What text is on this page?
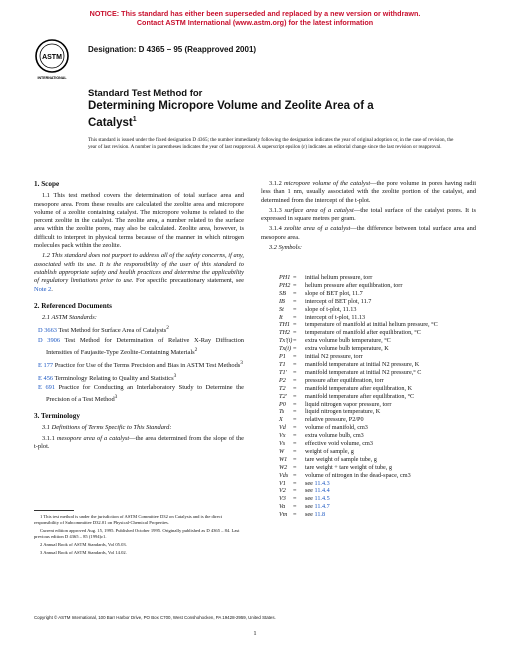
NOTICE: This standard has either been superseded and replaced by a new version or withdrawn.
Contact ASTM International (www.astm.org) for the latest information
ASTM
INTERNATIONAL
Designation: D 4365 – 95 (Reapproved 2001)
Standard Test Method for
Determining Micropore Volume and Zeolite Area of a
Catalyst$^1$
This standard is issued under the fixed designation D 4365; the number immediately following the designation indicates the year of original adoption or, in the case of revision, the year of last revision. A number in parentheses indicates the year of last reapproval. A superscript epsilon (ε) indicates an editorial change since the last revision or reapproval.
1. Scope

1.1 This test method covers the determination of total surface area and mesopore area. From these results are calculated the zeolite area and micropore volume of a zeolite containing catalyst. The micropore volume is related to the percent zeolite in the catalyst. The zeolite area, a number related to the surface area within the zeolite pores, may also be calculated. Zeolite area, however, is difficult to interpret in physical terms because of the manner in which nitrogen molecules pack within the zeolite.

1.2 This standard does not purport to address all of the safety concerns, if any, associated with its use. It is the responsibility of the user of this standard to establish appropriate safety and health practices and determine the applicability of regulatory limitations prior to use. For specific precautionary statement, see Note 2.

2. Referenced Documents

2.1 ASTM Standards:

D 3663 Test Method for Surface Area of Catalysts$^2$
D 3906 Test Method for Determination of Relative X-Ray Diffraction Intensities of Faujasite-Type Zeolite-Containing Materials$^2$
E 177 Practice for Use of the Terms Precision and Bias in ASTM Test Methods$^3$
E 456 Terminology Relating to Quality and Statistics$^3$
E 691 Practice for Conducting an Interlaboratory Study to Determine the Precision of a Test Method$^3$
3. Terminology

3.1 Definitions of Terms Specific to This Standard:

3.1.1 mesopore area of a catalyst—the area determined from the slope of the t-plot.

3.1.2 micropore volume of the catalyst—the pore volume in pores having radii less than 1 nm, usually associated with the zeolite portion of the catalyst, and determined from the intercept of the t-plot.

3.1.3 surface area of a catalyst—the total surface of the catalyst pores. It is expressed in square metres per gram.

3.1.4 zeolite area of a catalyst—the difference between total surface area and mesopore area.

3.2 Symbols:

PH1 =	initial helium pressure, torr
PH2 =	helium pressure after equilibration, torr
SB	=	slope of BET plot, 11.7
IB	=	intercept of BET plot, 11.7
St	=	slope of t-plot, 11.13
It	=	intercept of t-plot, 11.13
TH1 =	temperature of manifold at initial helium pressure, °C
TH2 =	temperature of manifold after equilibration, °C
Tx'(i) =	extra volume bulb temperature, °C
Tx(i) =	extra volume bulb temperature, K
P1	=	initial N2 pressure, torr
T1	=	manifold temperature at initial N2 pressure, K
T1' =	manifold temperature at initial N2 pressure,° C
P2	=	pressure after equilibration, torr
T2	=	manifold temperature after equilibration, K
T2' =	manifold temperature after equilibration, °C
P0	=	liquid nitrogen vapor pressure, torr
Ts	=	liquid nitrogen temperature, K
X	=	relative pressure, P2/P0
Vd	=	volume of manifold, cm3
Vx	=	extra volume bulb, cm3
Vs	=	effective void volume, cm3
W	=	weight of sample, g
W1 =	tare weight of sample tube, g
W2 =	tare weight + tare weight of tube, g
Vds =	volume of nitrogen in the dead-space, cm3
V1	=	see 11.4.3
V2	=	see 11.4.4
V3	=	see 11.4.5
Va	=	see 11.4.7
Vm =	see 11.8

1 This test method is under the jurisdiction of ASTM Committee D32 on Catalysts and is the direct responsibility of Subcommittee D32.01 on Physical-Chemical Properties.

Current edition approved Aug. 15, 1995. Published October 1995. Originally published as D 4365 – 84. Last previous edition D 4365 – 85 (1994)ε1.

2 Annual Book of ASTM Standards, Vol 05.03.

3 Annual Book of ASTM Standards, Vol 14.02.

Copyright © ASTM International, 100 Barr Harbor Drive, PO Box C700, West Conshohocken, PA 19428-2959, United States.
1
